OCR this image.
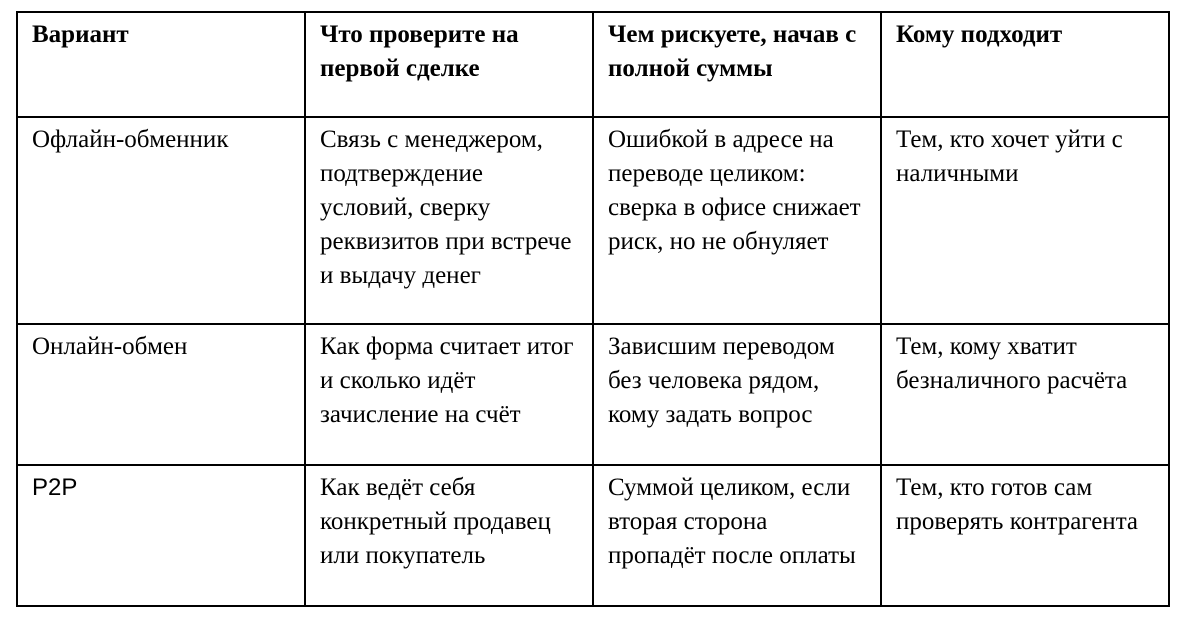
Вариант	Что проверите на первой сделке	Чем рискуете, начав с полной суммы	Кому подходит

Офлайн-обменник	Связь с менеджером, подтверждение условий, сверку реквизитов при встрече и выдачу денег	Ошибкой в адресе на переводе целиком: сверка в офисе снижает риск, но не обнуляет	Тем, кто хочет уйти с наличными

Онлайн-обмен	Как форма считает итог и сколько идёт зачисление на счёт	Зависшим переводом без человека рядом, кому задать вопрос	Тем, кому хватит безналичного расчёта

P2P	Как ведёт себя конкретный продавец или покупатель	Суммой целиком, если вторая сторона пропадёт после оплаты	Тем, кто готов сам проверять контрагента
